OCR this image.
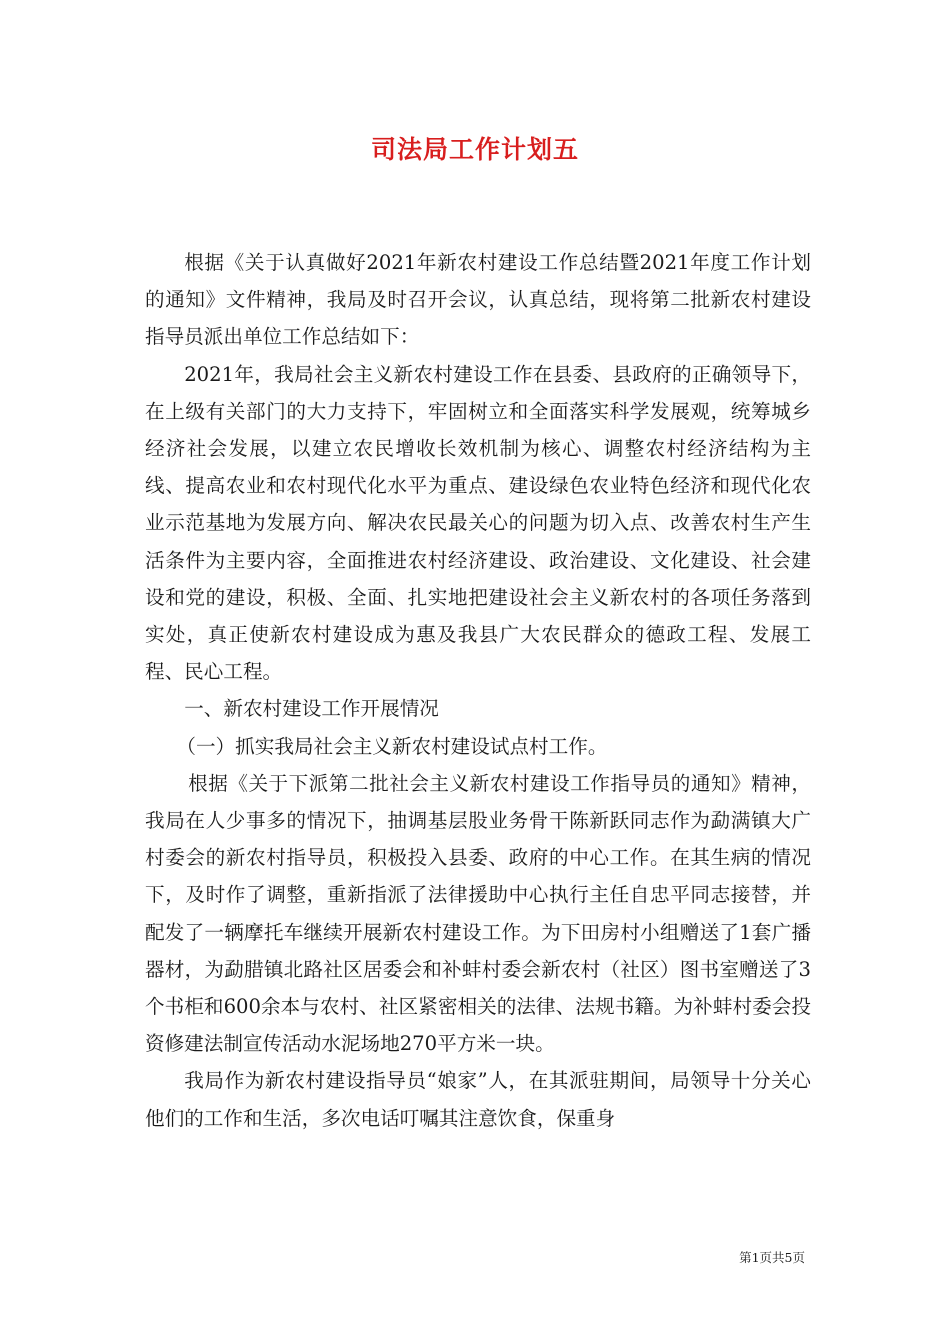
司法局工作计划五

根据《关于认真做好2021年新农村建设工作总结暨2021年度工作计划的通知》文件精神，我局及时召开会议，认真总结，现将第二批新农村建设指导员派出单位工作总结如下：

2021年，我局社会主义新农村建设工作在县委、县政府的正确领导下，在上级有关部门的大力支持下，牢固树立和全面落实科学发展观，统筹城乡经济社会发展，以建立农民增收长效机制为核心、调整农村经济结构为主线、提高农业和农村现代化水平为重点、建设绿色农业特色经济和现代化农业示范基地为发展方向、解决农民最关心的问题为切入点、改善农村生产生活条件为主要内容，全面推进农村经济建设、政治建设、文化建设、社会建设和党的建设，积极、全面、扎实地把建设社会主义新农村的各项任务落到实处，真正使新农村建设成为惠及我县广大农民群众的德政工程、发展工程、民心工程。

一、新农村建设工作开展情况

（一）抓实我局社会主义新农村建设试点村工作。

根据《关于下派第二批社会主义新农村建设工作指导员的通知》精神，我局在人少事多的情况下，抽调基层股业务骨干陈新跃同志作为勐满镇大广村委会的新农村指导员，积极投入县委、政府的中心工作。在其生病的情况下，及时作了调整，重新指派了法律援助中心执行主任自忠平同志接替，并配发了一辆摩托车继续开展新农村建设工作。为下田房村小组赠送了1套广播器材，为勐腊镇北路社区居委会和补蚌村委会新农村（社区）图书室赠送了3个书柜和600余本与农村、社区紧密相关的法律、法规书籍。为补蚌村委会投资修建法制宣传活动水泥场地270平方米一块。

我局作为新农村建设指导员“娘家”人，在其派驻期间，局领导十分关心他们的工作和生活，多次电话叮嘱其注意饮食，保重身

第1页共5页
